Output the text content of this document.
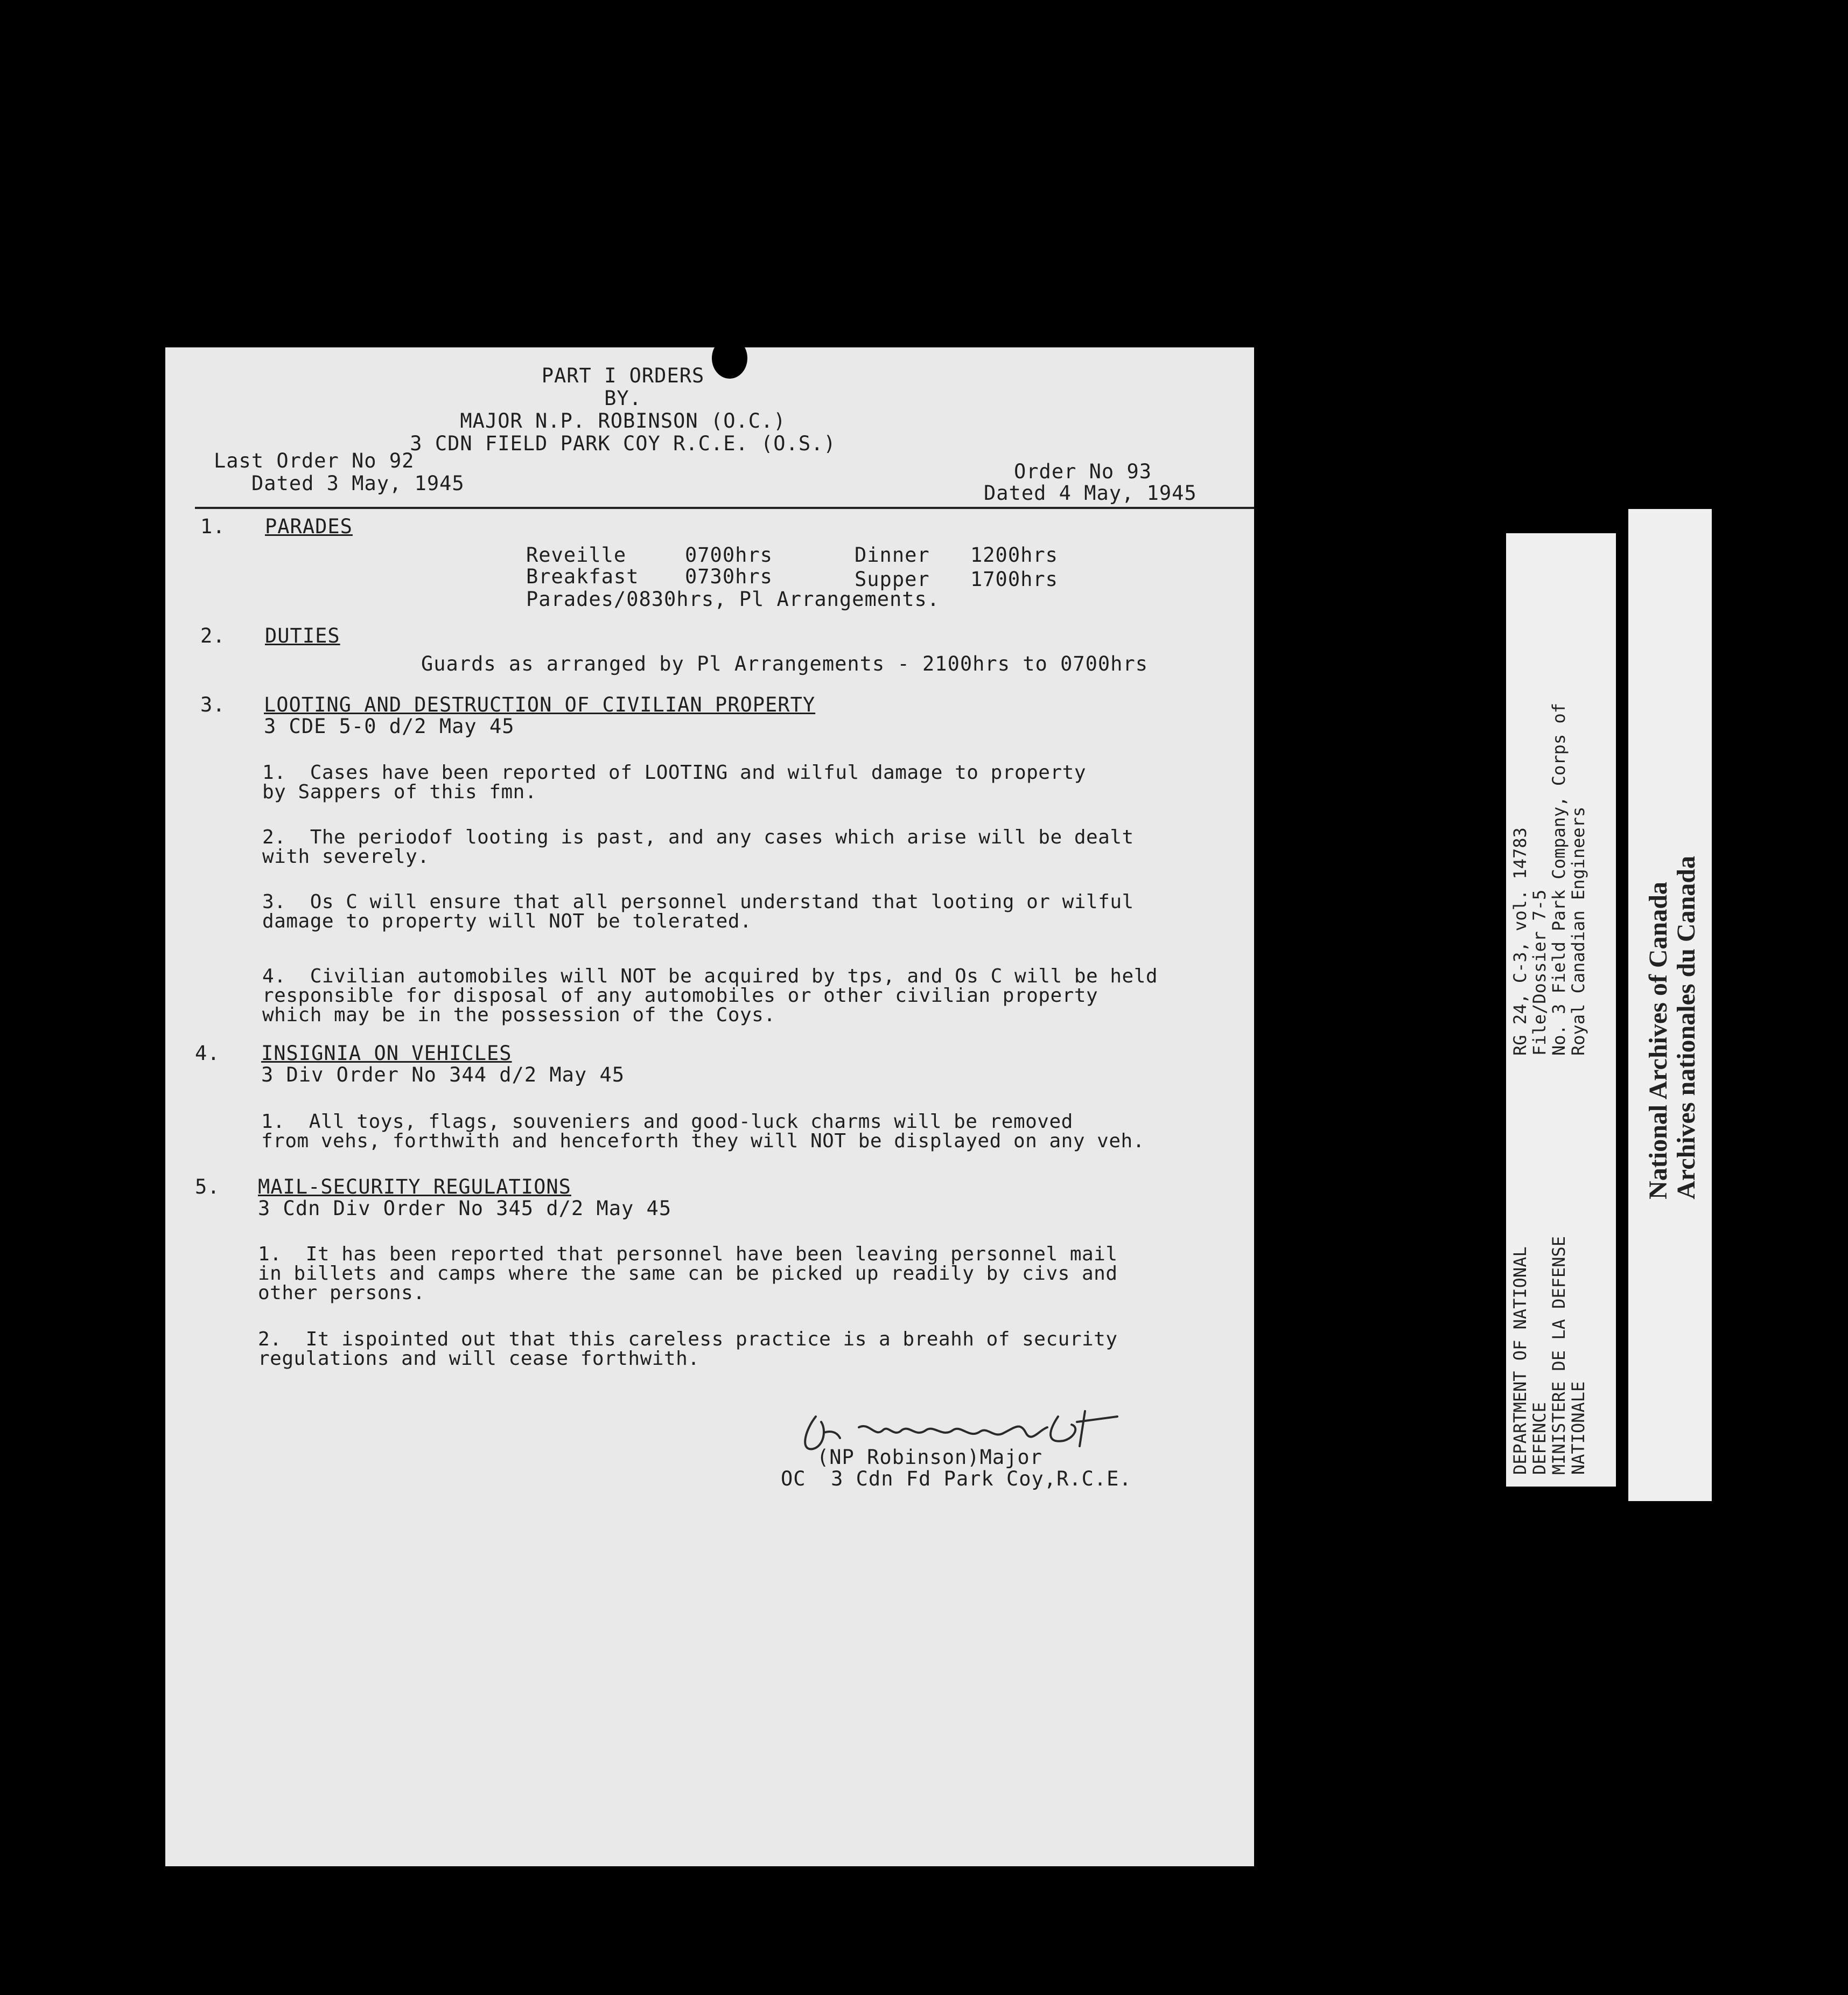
PART I ORDERS
BY.
MAJOR N.P. ROBINSON (O.C.)
3 CDN FIELD PARK COY R.C.E. (O.S.)
Last Order No 92
Dated 3 May, 1945
Order No 93
Dated 4 May, 1945
1. PARADES
Reveille	0700hrs	Dinner 1200hrs
Breakfast 0730hrs	Supper 1700hrs
Parades/0830hrs, Pl Arrangements.
2. DUTIES
Guards as arranged by Pl Arrangements - 2100hrs to 0700hrs
3. LOOTING AND DESTRUCTION OF CIVILIAN PROPERTY
3 CDE 5-0 d/2 May 45
1.  Cases have been reported of LOOTING and wilful damage to property
by Sappers of this fmn.
2.  The periodof looting is past, and any cases which arise will be dealt
with severely.
3.  Os C will ensure that all personnel understand that looting or wilful
damage to property will NOT be tolerated.
4.  Civilian automobiles will NOT be acquired by tps, and Os C will be held
responsible for disposal of any automobiles or other civilian property
which may be in the possession of the Coys.
4. INSIGNIA ON VEHICLES
3 Div Order No 344 d/2 May 45
1.  All toys, flags, souveniers and good-luck charms will be removed
from vehs, forthwith and henceforth they will NOT be displayed on any veh.
5. MAIL-SECURITY REGULATIONS
3 Cdn Div Order No 345 d/2 May 45
1.  It has been reported that personnel have been leaving personnel mail
in billets and camps where the same can be picked up readily by civs and
other persons.
2.  It ispointed out that this careless practice is a breahh of security
regulations and will cease forthwith.
(NP Robinson)Major
OC  3 Cdn Fd Park Coy,R.C.E.
DEPARTMENT OF NATIONAL
DEFENCE
MINISTERE DE LA DEFENSE
NATIONALE
RG 24, C-3, vol. 14783
File/Dossier 7-5
No. 3 Field Park Company, Corps of
Royal Canadian Engineers National Archives of Canada
Archives nationales du Canada
